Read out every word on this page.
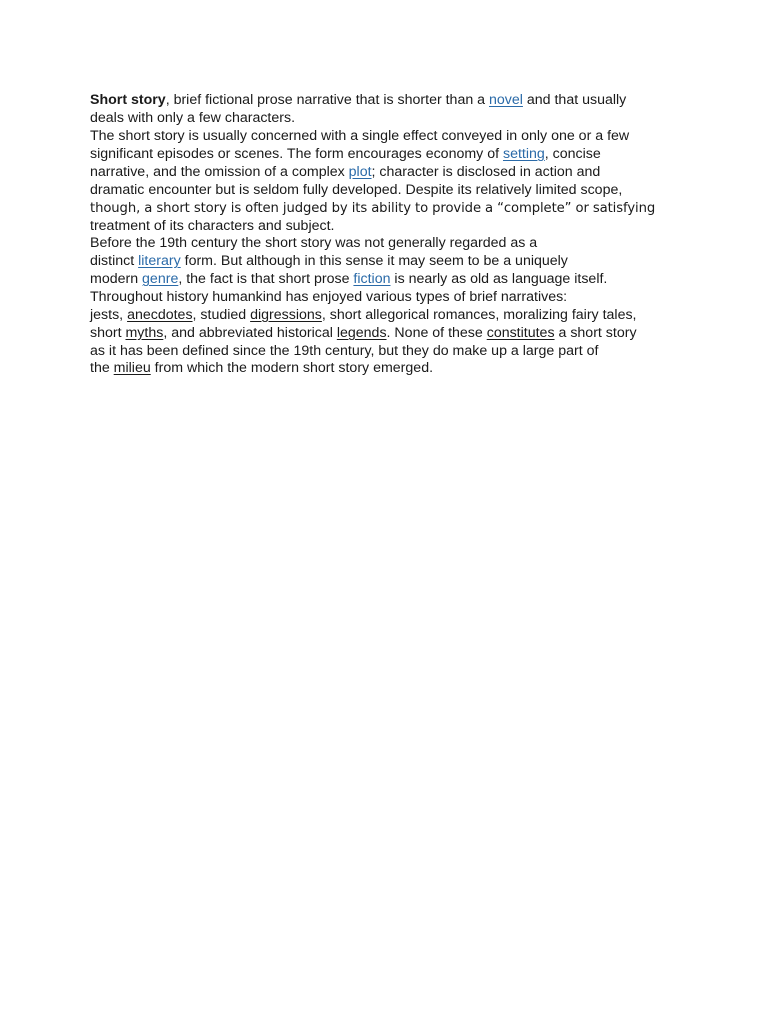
Short story, brief fictional prose narrative that is shorter than a novel and that usually
deals with only a few characters.
The short story is usually concerned with a single effect conveyed in only one or a few
significant episodes or scenes. The form encourages economy of setting, concise
narrative, and the omission of a complex plot; character is disclosed in action and
dramatic encounter but is seldom fully developed. Despite its relatively limited scope,
though, a short story is often judged by its ability to provide a “complete” or satisfying
treatment of its characters and subject.
Before the 19th century the short story was not generally regarded as a
distinct literary form. But although in this sense it may seem to be a uniquely
modern genre, the fact is that short prose fiction is nearly as old as language itself.
Throughout history humankind has enjoyed various types of brief narratives:
jests, anecdotes, studied digressions, short allegorical romances, moralizing fairy tales,
short myths, and abbreviated historical legends. None of these constitutes a short story
as it has been defined since the 19th century, but they do make up a large part of
the milieu from which the modern short story emerged.
